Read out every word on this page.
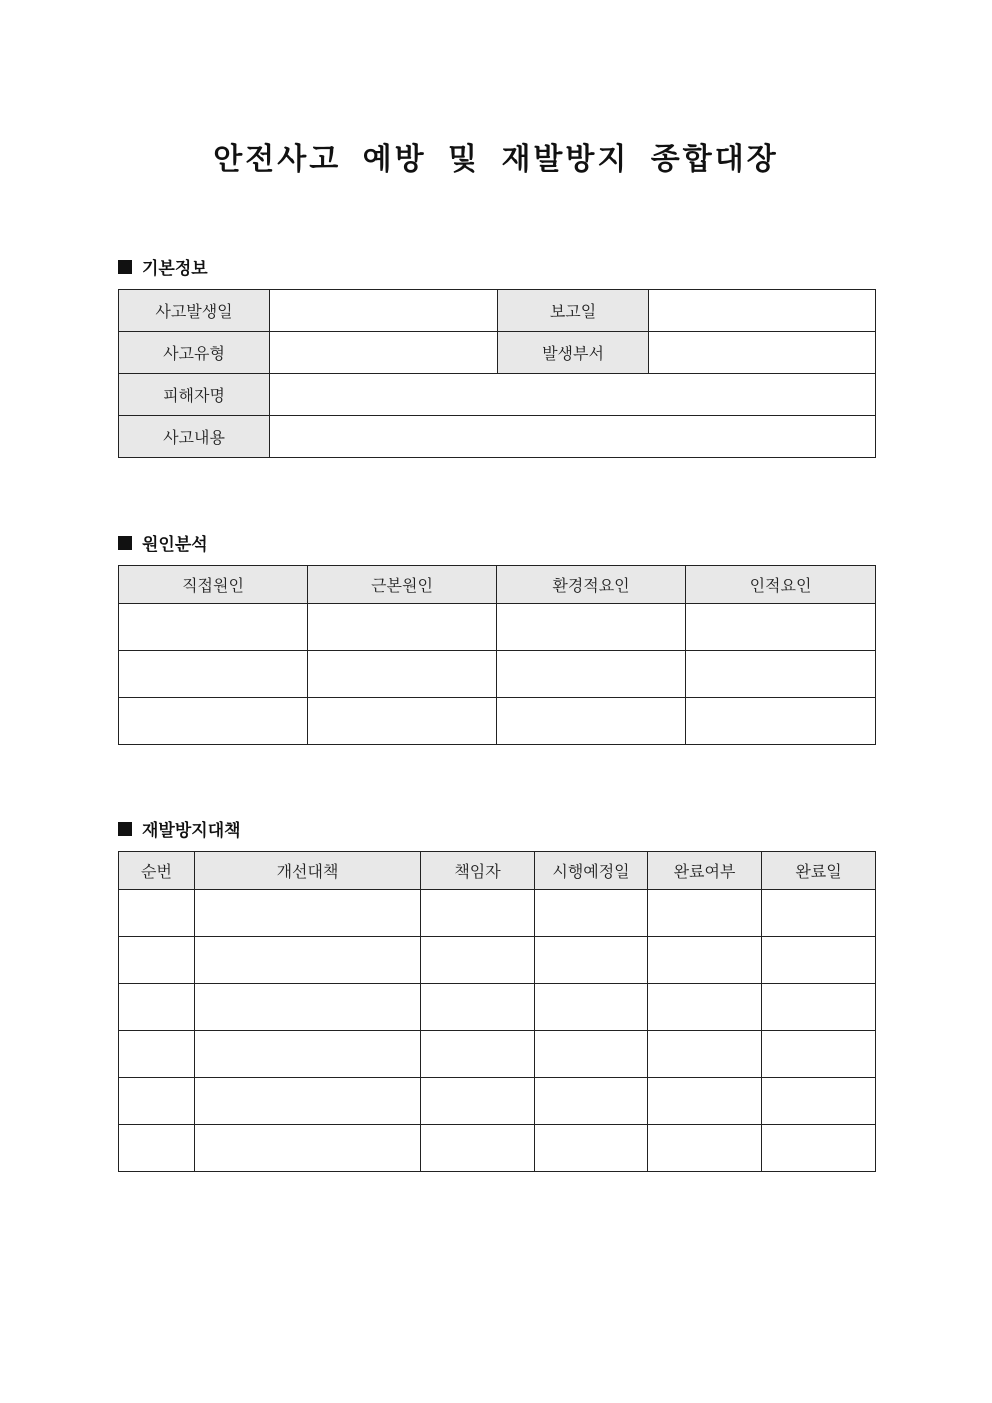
안전사고 예방 및 재발방지 종합대장
기본정보
사고발생일		보고일	
사고유형		발생부서	
피해자명			
사고내용			
원인분석
직접원인	근본원인	환경적요인	인적요인

재발방지대책
순번	개선대책	책임자	시행예정일	완료여부	완료일
